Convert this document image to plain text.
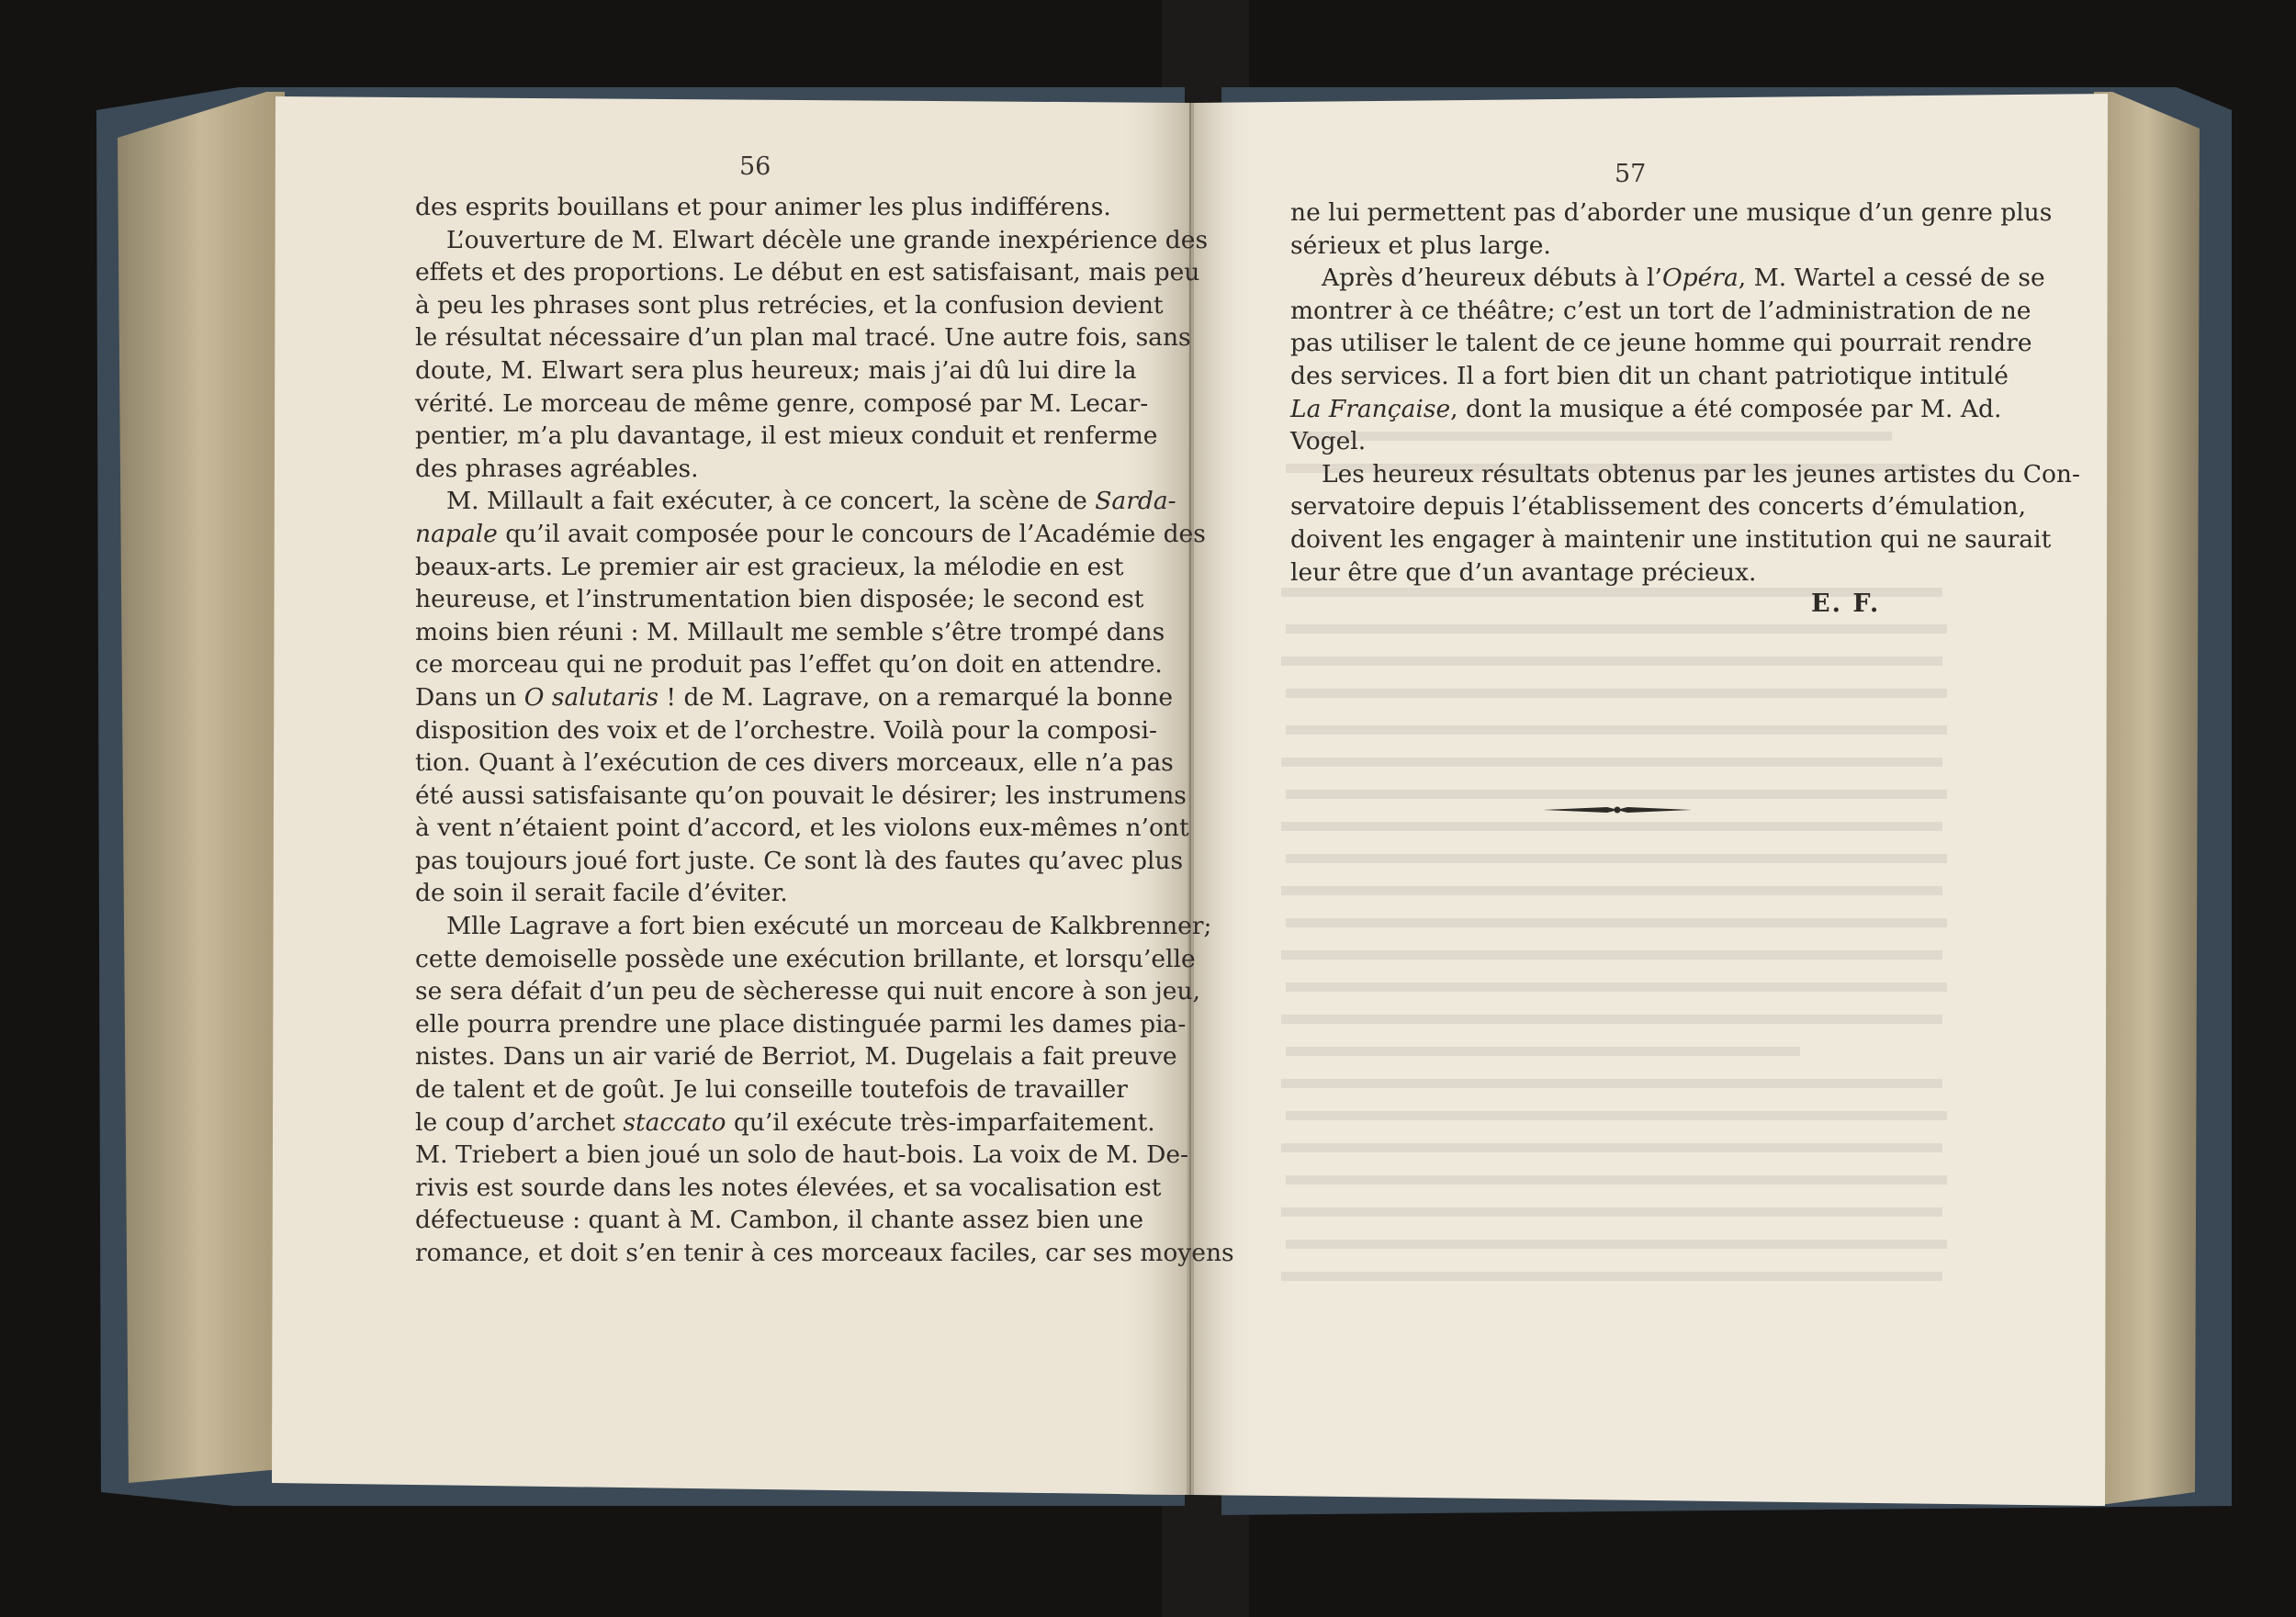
56
des esprits bouillans et pour animer les plus indifférens.
L’ouverture de M. Elwart décèle une grande inexpérience des
effets et des proportions. Le début en est satisfaisant, mais peu
à peu les phrases sont plus retrécies, et la confusion devient
le résultat nécessaire d’un plan mal tracé. Une autre fois, sans
doute, M. Elwart sera plus heureux; mais j’ai dû lui dire la
vérité. Le morceau de même genre, composé par M. Lecar-
pentier, m’a plu davantage, il est mieux conduit et renferme
des phrases agréables.
M. Millault a fait exécuter, à ce concert, la scène de Sarda-
napale qu’il avait composée pour le concours de l’Académie des
beaux-arts. Le premier air est gracieux, la mélodie en est
heureuse, et l’instrumentation bien disposée; le second est
moins bien réuni : M. Millault me semble s’être trompé dans
ce morceau qui ne produit pas l’effet qu’on doit en attendre.
Dans un O salutaris ! de M. Lagrave, on a remarqué la bonne
disposition des voix et de l’orchestre. Voilà pour la composi-
tion. Quant à l’exécution de ces divers morceaux, elle n’a pas
été aussi satisfaisante qu’on pouvait le désirer; les instrumens
à vent n’étaient point d’accord, et les violons eux-mêmes n’ont
pas toujours joué fort juste. Ce sont là des fautes qu’avec plus
de soin il serait facile d’éviter.
Mlle Lagrave a fort bien exécuté un morceau de Kalkbrenner;
cette demoiselle possède une exécution brillante, et lorsqu’elle
se sera défait d’un peu de sècheresse qui nuit encore à son jeu,
elle pourra prendre une place distinguée parmi les dames pia-
nistes. Dans un air varié de Berriot, M. Dugelais a fait preuve
de talent et de goût. Je lui conseille toutefois de travailler
le coup d’archet staccato qu’il exécute très-imparfaitement.
M. Triebert a bien joué un solo de haut-bois. La voix de M. De-
rivis est sourde dans les notes élevées, et sa vocalisation est
défectueuse : quant à M. Cambon, il chante assez bien une
romance, et doit s’en tenir à ces morceaux faciles, car ses moyens
57
ne lui permettent pas d’aborder une musique d’un genre plus
sérieux et plus large.
Après d’heureux débuts à l’Opéra, M. Wartel a cessé de se
montrer à ce théâtre; c’est un tort de l’administration de ne
pas utiliser le talent de ce jeune homme qui pourrait rendre
des services. Il a fort bien dit un chant patriotique intitulé
La Française, dont la musique a été composée par M. Ad.
Vogel.
Les heureux résultats obtenus par les jeunes artistes du Con-
servatoire depuis l’établissement des concerts d’émulation,
doivent les engager à maintenir une institution qui ne saurait
leur être que d’un avantage précieux.
E. F.
